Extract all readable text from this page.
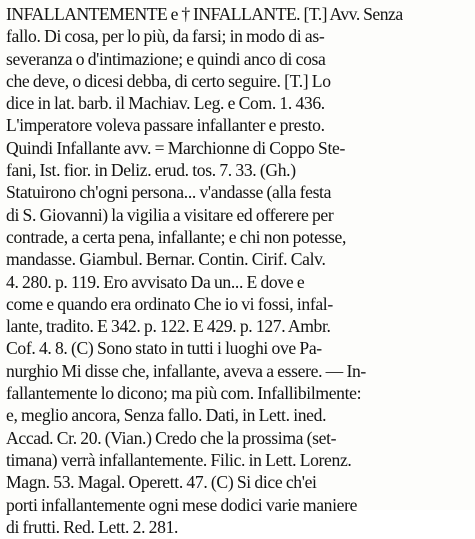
INFALLANTEMENTE e † INFALLANTE. [T.] Avv. Senza
fallo. Di cosa, per lo più, da farsi; in modo di as-
severanza o d'intimazione; e quindi anco di cosa
che deve, o dicesi debba, di certo seguire. [T.] Lo
dice in lat. barb. il Machiav. Leg. e Com. 1. 436.
L'imperatore voleva passare infallanter e presto.
Quindi Infallante avv. = Marchionne di Coppo Ste-
fani, Ist. fior. in Deliz. erud. tos. 7. 33. (Gh.)
Statuirono ch'ogni persona... v'andasse (alla festa
di S. Giovanni) la vigilia a visitare ed offerere per
contrade, a certa pena, infallante; e chi non potesse,
mandasse. Giambul. Bernar. Contin. Cirif. Calv.
4. 280. p. 119. Ero avvisato Da un... E dove e
come e quando era ordinato Che io vi fossi, infal-
lante, tradito. E 342. p. 122. E 429. p. 127. Ambr.
Cof. 4. 8. (C) Sono stato in tutti i luoghi ove Pa-
nurghio Mi disse che, infallante, aveva a essere. — In-
fallantemente lo dicono; ma più com. Infallibilmente:
e, meglio ancora, Senza fallo. Dati, in Lett. ined.
Accad. Cr. 20. (Vian.) Credo che la prossima (set-
timana) verrà infallantemente. Filic. in Lett. Lorenz.
Magn. 53. Magal. Operett. 47. (C) Si dice ch'ei
porti infallantemente ogni mese dodici varie maniere
di frutti. Red. Lett. 2. 281.
